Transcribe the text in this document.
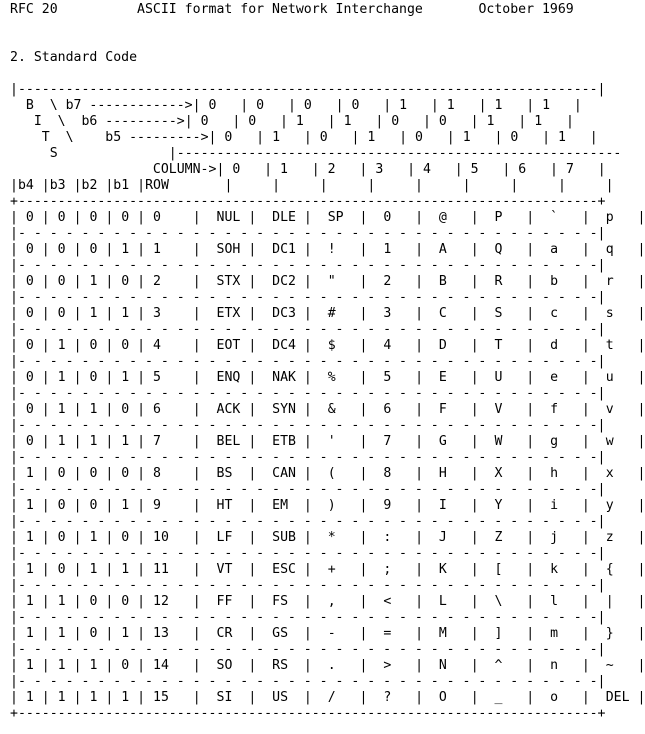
RFC 20	ASCII format for Network Interchange	October 1969

2. Standard Code

|-------------------------------------------------------------------------|
B  \ b7 ------------>| 0   | 0   | 0   | 0   | 1   | 1   | 1   | 1   |
I  \  b6 --------->| 0   | 0   | 1   | 1   | 0   | 0   | 1   | 1   |
T  \    b5 --------->| 0   | 1   | 0   | 1   | 0   | 1   | 0   | 1   |
S	|--------------------------------------------------------
COLUMN->| 0   | 1   | 2   | 3   | 4   | 5   | 6   | 7   |
|b4 |b3 |b2 |b1 |ROW	|     |     |     |     |     |     |     |     |
+-------------------------------------------------------------------------+
| 0 | 0 | 0 | 0 | 0    |  NUL |  DLE |  SP  |  0   |  @   |  P   |  `   |  p   |
|- - - - - - - - - - - - - - - - - - - - - - - - - - - - - - - - - - - - -|
| 0 | 0 | 0 | 1 | 1    |  SOH |  DC1 |  !   |  1   |  A   |  Q   |  a   |  q   |
|- - - - - - - - - - - - - - - - - - - - - - - - - - - - - - - - - - - - -|
| 0 | 0 | 1 | 0 | 2    |  STX |  DC2 |  "   |  2   |  B   |  R   |  b   |  r   |
|- - - - - - - - - - - - - - - - - - - - - - - - - - - - - - - - - - - - -|
| 0 | 0 | 1 | 1 | 3    |  ETX |  DC3 |  #   |  3   |  C   |  S   |  c   |  s   |
|- - - - - - - - - - - - - - - - - - - - - - - - - - - - - - - - - - - - -|
| 0 | 1 | 0 | 0 | 4    |  EOT |  DC4 |  $   |  4   |  D   |  T   |  d   |  t   |
|- - - - - - - - - - - - - - - - - - - - - - - - - - - - - - - - - - - - -|
| 0 | 1 | 0 | 1 | 5    |  ENQ |  NAK |  %   |  5   |  E   |  U   |  e   |  u   |
|- - - - - - - - - - - - - - - - - - - - - - - - - - - - - - - - - - - - -|
| 0 | 1 | 1 | 0 | 6    |  ACK |  SYN |  &   |  6   |  F   |  V   |  f   |  v   |
|- - - - - - - - - - - - - - - - - - - - - - - - - - - - - - - - - - - - -|
| 0 | 1 | 1 | 1 | 7    |  BEL |  ETB |  '   |  7   |  G   |  W   |  g   |  w   |
|- - - - - - - - - - - - - - - - - - - - - - - - - - - - - - - - - - - - -|
| 1 | 0 | 0 | 0 | 8    |  BS  |  CAN |  (   |  8   |  H   |  X   |  h   |  x   |
|- - - - - - - - - - - - - - - - - - - - - - - - - - - - - - - - - - - - -|
| 1 | 0 | 0 | 1 | 9    |  HT  |  EM  |  )   |  9   |  I   |  Y   |  i   |  y   |
|- - - - - - - - - - - - - - - - - - - - - - - - - - - - - - - - - - - - -|
| 1 | 0 | 1 | 0 | 10   |  LF  |  SUB |  *   |  :   |  J   |  Z   |  j   |  z   |
|- - - - - - - - - - - - - - - - - - - - - - - - - - - - - - - - - - - - -|
| 1 | 0 | 1 | 1 | 11   |  VT  |  ESC |  +   |  ;   |  K   |  [   |  k   |  {   |
|- - - - - - - - - - - - - - - - - - - - - - - - - - - - - - - - - - - - -|
| 1 | 1 | 0 | 0 | 12   |  FF  |  FS  |  ,   |  <   |  L   |  \   |  l   |  |   |
|- - - - - - - - - - - - - - - - - - - - - - - - - - - - - - - - - - - - -|
| 1 | 1 | 0 | 1 | 13   |  CR  |  GS  |  -   |  =   |  M   |  ]   |  m   |  }   |
|- - - - - - - - - - - - - - - - - - - - - - - - - - - - - - - - - - - - -|
| 1 | 1 | 1 | 0 | 14   |  SO  |  RS  |  .   |  >   |  N   |  ^   |  n   |  ~   |
|- - - - - - - - - - - - - - - - - - - - - - - - - - - - - - - - - - - - -|
| 1 | 1 | 1 | 1 | 15   |  SI  |  US  |  /   |  ?   |  O   |  _   |  o   |  DEL |
+-------------------------------------------------------------------------+
